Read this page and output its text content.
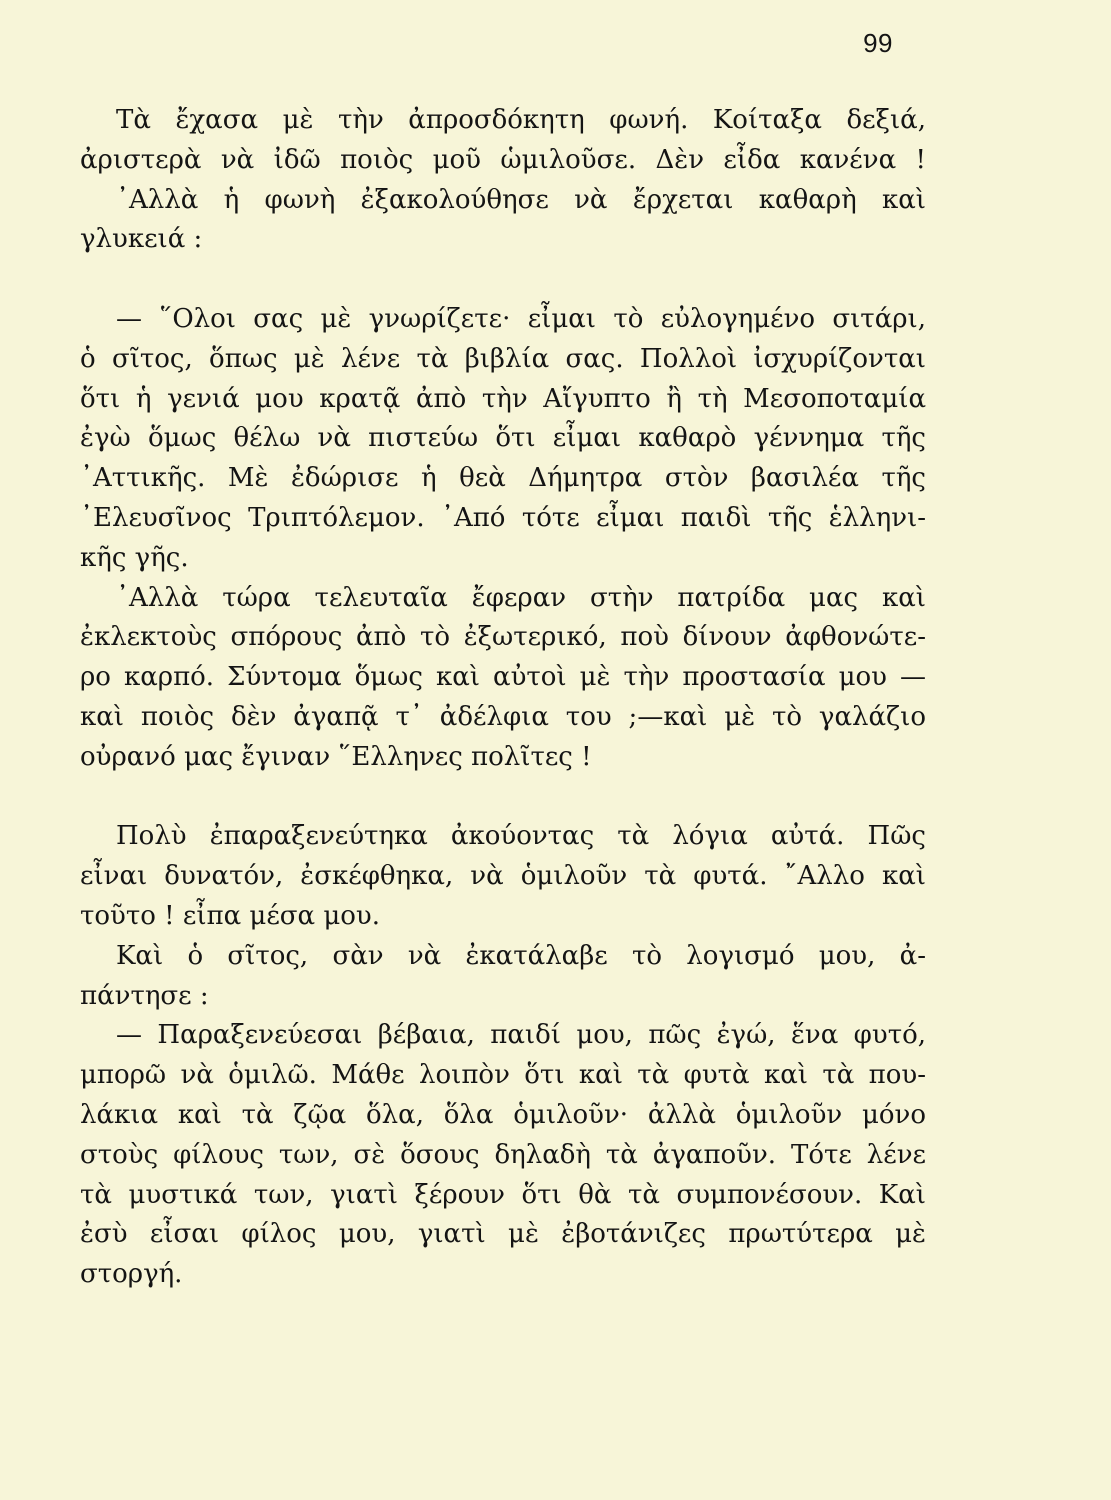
99
Τὰ ἔχασα μὲ τὴν ἀπροσδόκητη φωνή. Κοίταξα δεξιά,
ἀριστερὰ νὰ ἰδῶ ποιὸς μοῦ ὡμιλοῦσε. Δὲν εἶδα κανένα !
᾿Αλλὰ ἡ φωνὴ ἐξακολούθησε νὰ ἔρχεται καθαρὴ καὶ
γλυκειά :
— ῞Ολοι σας μὲ γνωρίζετε· εἶμαι τὸ εὐλογημένο σιτάρι,
ὁ σῖτος, ὅπως μὲ λένε τὰ βιβλία σας. Πολλοὶ ἰσχυρίζονται
ὅτι ἡ γενιά μου κρατᾷ ἀπὸ τὴν Αἴγυπτο ἢ τὴ Μεσοποταμία
ἐγὼ ὅμως θέλω νὰ πιστεύω ὅτι εἶμαι καθαρὸ γέννημα τῆς
᾿Αττικῆς. Μὲ ἐδώρισε ἡ θεὰ Δήμητρα στὸν βασιλέα τῆς
᾿Ελευσῖνος Τριπτόλεμον. ᾿Από τότε εἶμαι παιδὶ τῆς ἑλληνι-
κῆς γῆς.
᾿Αλλὰ τώρα τελευταῖα ἔφεραν στὴν πατρίδα μας καὶ
ἐκλεκτοὺς σπόρους ἀπὸ τὸ ἐξωτερικό, ποὺ δίνουν ἀφθονώτε-
ρο καρπό. Σύντομα ὅμως καὶ αὐτοὶ μὲ τὴν προστασία μου —
καὶ ποιὸς δὲν ἀγαπᾷ τ᾿ ἀδέλφια του ;—καὶ μὲ τὸ γαλάζιο
οὐρανό μας ἔγιναν ῞Ελληνες πολῖτες !
Πολὺ ἐπαραξενεύτηκα ἀκούοντας τὰ λόγια αὐτά. Πῶς
εἶναι δυνατόν, ἐσκέφθηκα, νὰ ὁμιλοῦν τὰ φυτά. ῎Αλλο καὶ
τοῦτο ! εἶπα μέσα μου.
Καὶ ὁ σῖτος, σὰν νὰ ἐκατάλαβε τὸ λογισμό μου, ἀ-
πάντησε :
— Παραξενεύεσαι βέβαια, παιδί μου, πῶς ἐγώ, ἕνα φυτό,
μπορῶ νὰ ὁμιλῶ. Μάθε λοιπὸν ὅτι καὶ τὰ φυτὰ καὶ τὰ που-
λάκια καὶ τὰ ζῷα ὅλα, ὅλα ὁμιλοῦν· ἀλλὰ ὁμιλοῦν μόνο
στοὺς φίλους των, σὲ ὅσους δηλαδὴ τὰ ἀγαποῦν. Τότε λένε
τὰ μυστικά των, γιατὶ ξέρουν ὅτι θὰ τὰ συμπονέσουν. Καὶ
ἐσὺ εἶσαι φίλος μου, γιατὶ μὲ ἐβοτάνιζες πρωτύτερα μὲ
στοργή.
